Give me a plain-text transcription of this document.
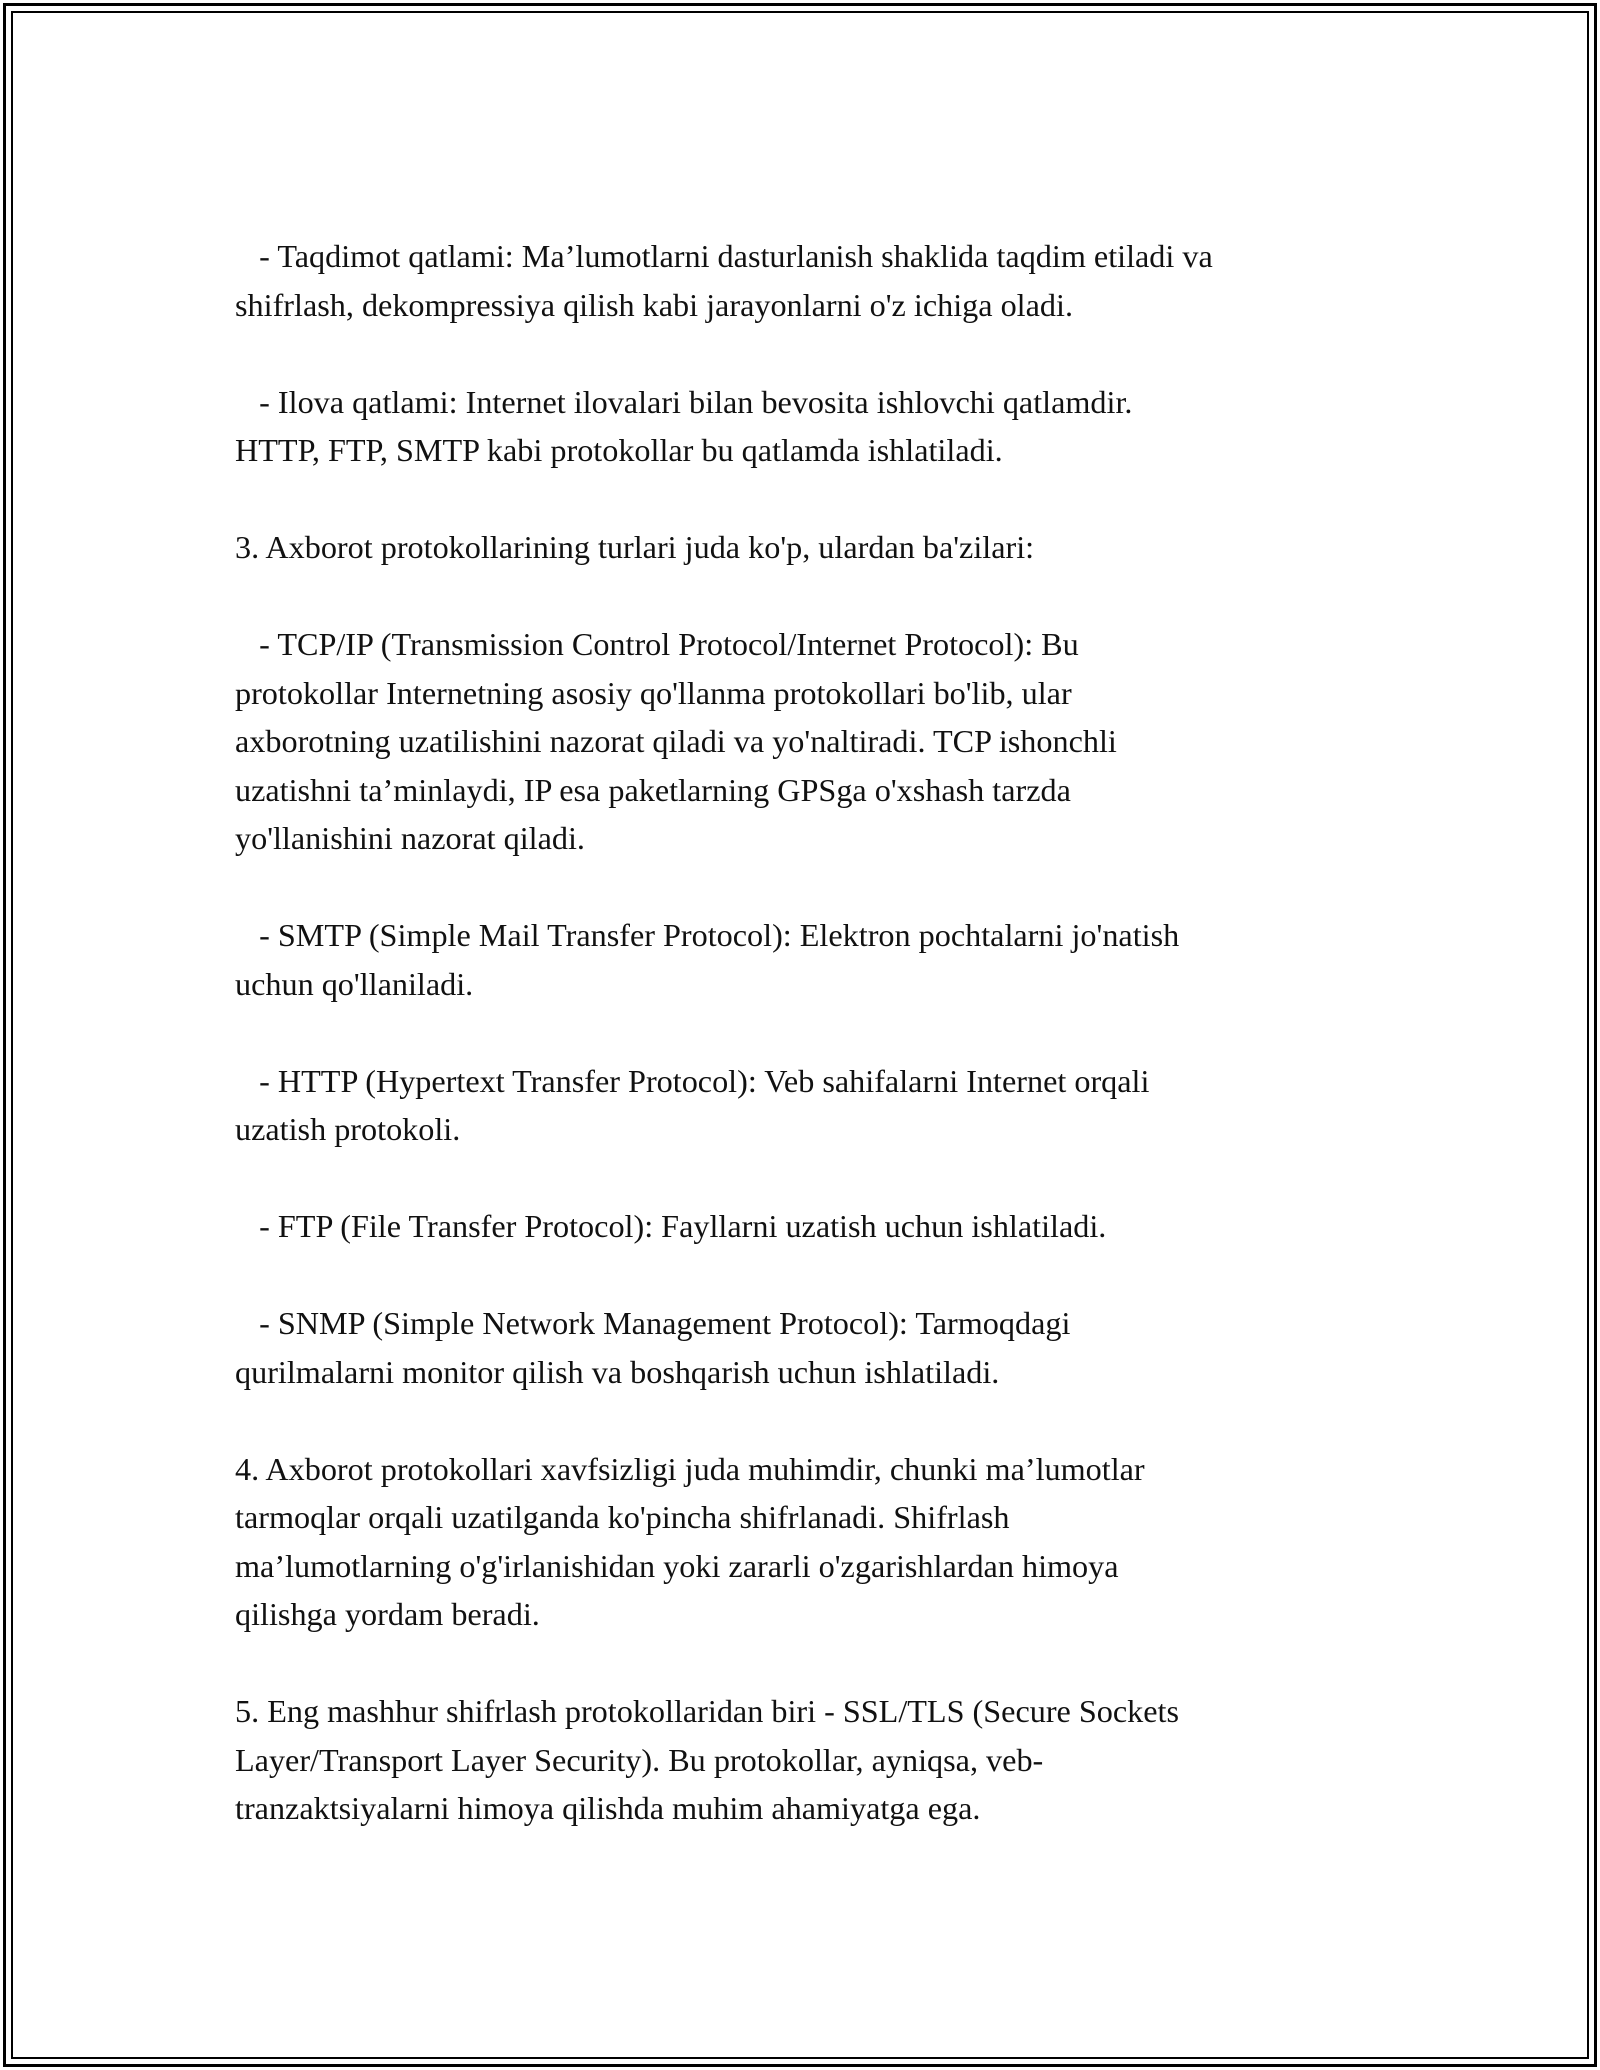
- Taqdimot qatlami: Ma’lumotlarni dasturlanish shaklida taqdim etiladi va
shifrlash, dekompressiya qilish kabi jarayonlarni o'z ichiga oladi.

- Ilova qatlami: Internet ilovalari bilan bevosita ishlovchi qatlamdir.
HTTP, FTP, SMTP kabi protokollar bu qatlamda ishlatiladi.

3. Axborot protokollarining turlari juda ko'p, ulardan ba'zilari:

- TCP/IP (Transmission Control Protocol/Internet Protocol): Bu
protokollar Internetning asosiy qo'llanma protokollari bo'lib, ular
axborotning uzatilishini nazorat qiladi va yo'naltiradi. TCP ishonchli
uzatishni ta’minlaydi, IP esa paketlarning GPSga o'xshash tarzda
yo'llanishini nazorat qiladi.

- SMTP (Simple Mail Transfer Protocol): Elektron pochtalarni jo'natish
uchun qo'llaniladi.

- HTTP (Hypertext Transfer Protocol): Veb sahifalarni Internet orqali
uzatish protokoli.

- FTP (File Transfer Protocol): Fayllarni uzatish uchun ishlatiladi.

- SNMP (Simple Network Management Protocol): Tarmoqdagi
qurilmalarni monitor qilish va boshqarish uchun ishlatiladi.

4. Axborot protokollari xavfsizligi juda muhimdir, chunki ma’lumotlar
tarmoqlar orqali uzatilganda ko'pincha shifrlanadi. Shifrlash
ma’lumotlarning o'g'irlanishidan yoki zararli o'zgarishlardan himoya
qilishga yordam beradi.

5. Eng mashhur shifrlash protokollaridan biri - SSL/TLS (Secure Sockets
Layer/Transport Layer Security). Bu protokollar, ayniqsa, veb-
tranzaktsiyalarni himoya qilishda muhim ahamiyatga ega.
